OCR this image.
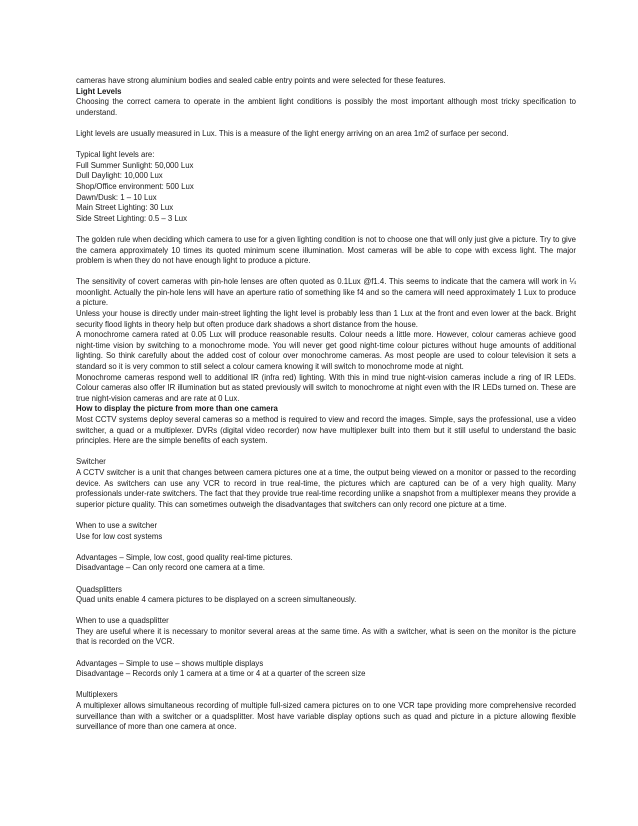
cameras have strong aluminium bodies and sealed cable entry points and were selected for these features.

Light Levels

Choosing the correct camera to operate in the ambient light conditions is possibly the most important although most tricky specification to understand.

Light levels are usually measured in Lux. This is a measure of the light energy arriving on an area 1m2 of surface per second.

Typical light levels are:
Full Summer Sunlight: 50,000 Lux
Dull Daylight: 10,000 Lux
Shop/Office environment: 500 Lux
Dawn/Dusk: 1 – 10 Lux
Main Street Lighting: 30 Lux
Side Street Lighting: 0.5 – 3 Lux

The golden rule when deciding which camera to use for a given lighting condition is not to choose one that will only just give a picture. Try to give the camera approximately 10 times its quoted minimum scene illumination. Most cameras will be able to cope with excess light. The major problem is when they do not have enough light to produce a picture.

The sensitivity of covert cameras with pin-hole lenses are often quoted as 0.1Lux @f1.4. This seems to indicate that the camera will work in ¼ moonlight. Actually the pin-hole lens will have an aperture ratio of something like f4 and so the camera will need approximately 1 Lux to produce a picture.

Unless your house is directly under main-street lighting the light level is probably less than 1 Lux at the front and even lower at the back. Bright security flood lights in theory help but often produce dark shadows a short distance from the house.

A monochrome camera rated at 0.05 Lux will produce reasonable results. Colour needs a little more. However, colour cameras achieve good night-time vision by switching to a monochrome mode. You will never get good night-time colour pictures without huge amounts of additional lighting. So think carefully about the added cost of colour over monochrome cameras. As most people are used to colour television it sets a standard so it is very common to still select a colour camera knowing it will switch to monochrome mode at night.

Monochrome cameras respond well to additional IR (infra red) lighting. With this in mind true night-vision cameras include a ring of IR LEDs. Colour cameras also offer IR illumination but as stated previously will switch to monochrome at night even with the IR LEDs turned on. These are true night-vision cameras and are rate at 0 Lux.

How to display the picture from more than one camera

Most CCTV systems deploy several cameras so a method is required to view and record the images. Simple, says the professional, use a video switcher, a quad or a multiplexer. DVRs (digital video recorder) now have multiplexer built into them but it still useful to understand the basic principles. Here are the simple benefits of each system.

Switcher
A CCTV switcher is a unit that changes between camera pictures one at a time, the output being viewed on a monitor or passed to the recording device. As switchers can use any VCR to record in true real-time, the pictures which are captured can be of a very high quality. Many professionals under-rate switchers. The fact that they provide true real-time recording unlike a snapshot from a multiplexer means they provide a superior picture quality. This can sometimes outweigh the disadvantages that switchers can only record one picture at a time.

When to use a switcher
Use for low cost systems

Advantages – Simple, low cost, good quality real-time pictures.
Disadvantage – Can only record one camera at a time.

Quadsplitters
Quad units enable 4 camera pictures to be displayed on a screen simultaneously.

When to use a quadsplitter
They are useful where it is necessary to monitor several areas at the same time. As with a switcher, what is seen on the monitor is the picture that is recorded on the VCR.

Advantages – Simple to use – shows multiple displays
Disadvantage – Records only 1 camera at a time or 4 at a quarter of the screen size

Multiplexers
A multiplexer allows simultaneous recording of multiple full-sized camera pictures on to one VCR tape providing more comprehensive recorded surveillance than with a switcher or a quadsplitter. Most have variable display options such as quad and picture in a picture allowing flexible surveillance of more than one camera at once.
